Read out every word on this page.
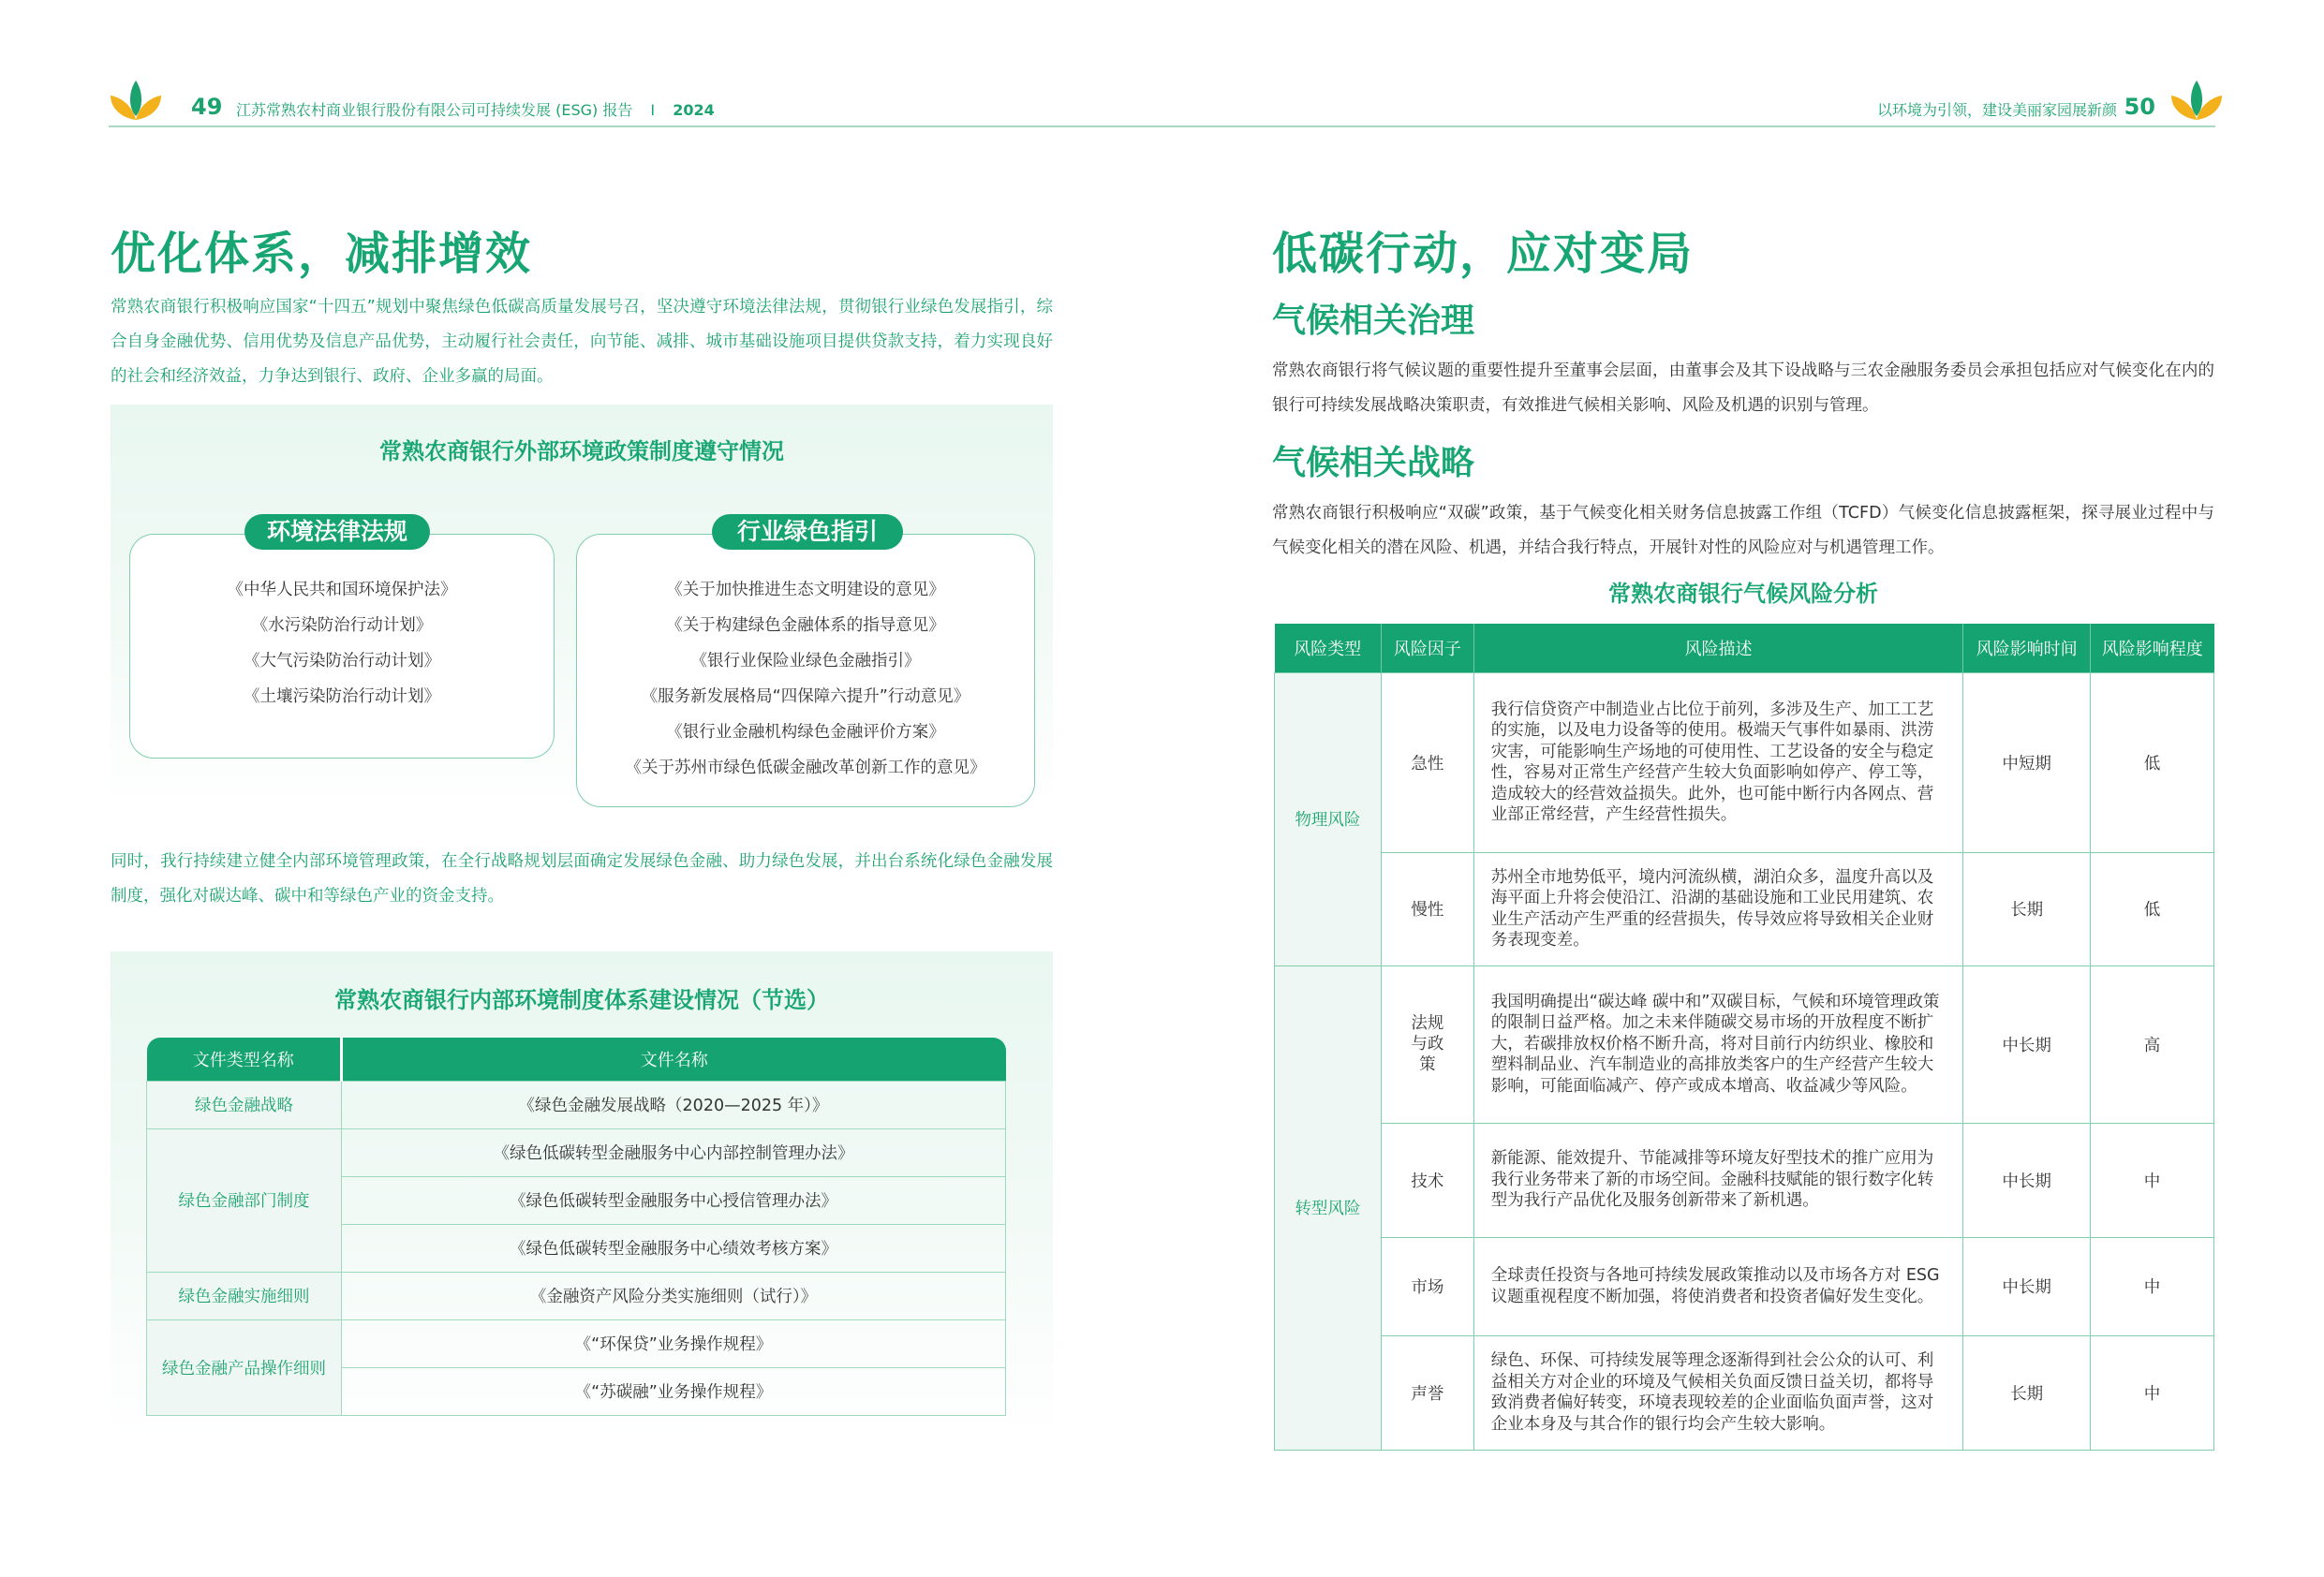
49 江苏常熟农村商业银行股份有限公司可持续发展 (ESG) 报告 I 2024	以环境为引领，建设美丽家园展新颜 50
优化体系，减排增效
常熟农商银行积极响应国家“十四五”规划中聚焦绿色低碳高质量发展号召，坚决遵守环境法律法规，贯彻银行业绿色发展指引，综合自身金融优势、信用优势及信息产品优势，主动履行社会责任，向节能、减排、城市基础设施项目提供贷款支持，着力实现良好的社会和经济效益，力争达到银行、政府、企业多赢的局面。
常熟农商银行外部环境政策制度遵守情况
《中华人民共和国环境保护法》
《水污染防治行动计划》
《大气污染防治行动计划》
《土壤污染防治行动计划》
环境法律法规
《关于加快推进生态文明建设的意见》
《关于构建绿色金融体系的指导意见》
《银行业保险业绿色金融指引》
《服务新发展格局“四保障六提升”行动意见》
《银行业金融机构绿色金融评价方案》
《关于苏州市绿色低碳金融改革创新工作的意见》
行业绿色指引
同时，我行持续建立健全内部环境管理政策，在全行战略规划层面确定发展绿色金融、助力绿色发展，并出台系统化绿色金融发展制度，强化对碳达峰、碳中和等绿色产业的资金支持。
常熟农商银行内部环境制度体系建设情况（节选）
文件类型名称	文件名称
绿色金融战略	《绿色金融发展战略（2020—2025 年）》
绿色金融部门制度	《绿色低碳转型金融服务中心内部控制管理办法》
	《绿色低碳转型金融服务中心授信管理办法》
	《绿色低碳转型金融服务中心绩效考核方案》
绿色金融实施细则	《金融资产风险分类实施细则（试行）》
绿色金融产品操作细则	《“环保贷”业务操作规程》
	《“苏碳融”业务操作规程》
低碳行动，应对变局
气候相关治理
常熟农商银行将气候议题的重要性提升至董事会层面，由董事会及其下设战略与三农金融服务委员会承担包括应对气候变化在内的银行可持续发展战略决策职责，有效推进气候相关影响、风险及机遇的识别与管理。
气候相关战略
常熟农商银行积极响应“双碳”政策，基于气候变化相关财务信息披露工作组（TCFD）气候变化信息披露框架，探寻展业过程中与气候变化相关的潜在风险、机遇，并结合我行特点，开展针对性的风险应对与机遇管理工作。
常熟农商银行气候风险分析
风险类型	风险因子	风险描述	风险影响时间	风险影响程度
物理风险	急性	我行信贷资产中制造业占比位于前列，多涉及生产、加工工艺的实施，以及电力设备等的使用。极端天气事件如暴雨、洪涝灾害，可能影响生产场地的可使用性、工艺设备的安全与稳定性，容易对正常生产经营产生较大负面影响如停产、停工等，造成较大的经营效益损失。此外，也可能中断行内各网点、营业部正常经营，产生经营性损失。	中短期	低
	慢性	苏州全市地势低平，境内河流纵横，湖泊众多，温度升高以及海平面上升将会使沿江、沿湖的基础设施和工业民用建筑、农业生产活动产生严重的经营损失，传导效应将导致相关企业财务表现变差。	长期	低
转型风险	法规与政策	我国明确提出“碳达峰 碳中和”双碳目标，气候和环境管理政策的限制日益严格。加之未来伴随碳交易市场的开放程度不断扩大，若碳排放权价格不断升高，将对目前行内纺织业、橡胶和塑料制品业、汽车制造业的高排放类客户的生产经营产生较大影响，可能面临减产、停产或成本增高、收益减少等风险。	中长期	高
	技术	新能源、能效提升、节能减排等环境友好型技术的推广应用为我行业务带来了新的市场空间。金融科技赋能的银行数字化转型为我行产品优化及服务创新带来了新机遇。	中长期	中
	市场	全球责任投资与各地可持续发展政策推动以及市场各方对 ESG 议题重视程度不断加强，将使消费者和投资者偏好发生变化。	中长期	中
	声誉	绿色、环保、可持续发展等理念逐渐得到社会公众的认可、利益相关方对企业的环境及气候相关负面反馈日益关切，都将导致消费者偏好转变，环境表现较差的企业面临负面声誉，这对企业本身及与其合作的银行均会产生较大影响。	长期	中
